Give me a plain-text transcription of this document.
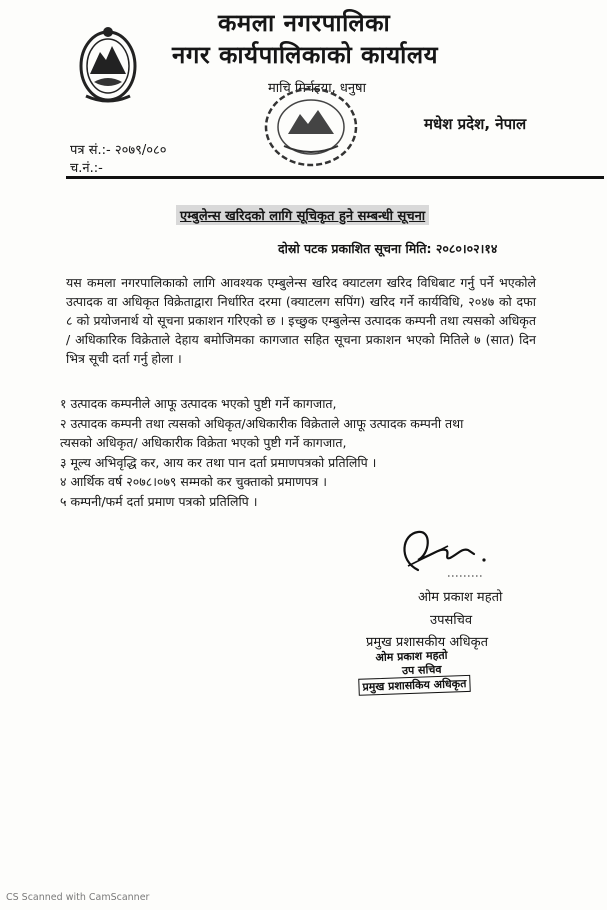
कमला नगरपालिका
नगर कार्यपालिकाको कार्यालय
माचि मिर्चइया, धनुषा
मधेश प्रदेश, नेपाल
पत्र सं.:- २०७९/०८०
च.नं.:-
एम्बुलेन्स खरिदको लागि सूचिकृत हुने सम्बन्धी सूचना
दोस्रो पटक प्रकाशित सूचना मिति: २०८०।०२।१४
यस कमला नगरपालिकाको लागि आवश्यक एम्बुलेन्स खरिद क्याटलग खरिद विधिबाट गर्नु पर्ने भएकोले उत्पादक वा अधिकृत विक्रेताद्वारा निर्धारित दरमा (क्याटलग सपिंग) खरिद गर्ने कार्यविधि, २०४७ को दफा ८ को प्रयोजनार्थ यो सूचना प्रकाशन गरिएको छ । इच्छुक एम्बुलेन्स उत्पादक कम्पनी तथा त्यसको अधिकृत / अधिकारिक विक्रेताले देहाय बमोजिमका कागजात सहित सूचना प्रकाशन भएको मितिले ७ (सात) दिन भित्र सूची दर्ता गर्नु होला ।
१ उत्पादक कम्पनीले आफू उत्पादक भएको पुष्टी गर्ने कागजात,
२ उत्पादक कम्पनी तथा त्यसको अधिकृत/अधिकारीक विक्रेताले आफू उत्पादक कम्पनी तथा
त्यसको अधिकृत/ अधिकारीक विक्रेता भएको पुष्टी गर्ने कागजात,
३ मूल्य अभिवृद्धि कर, आय कर तथा पान दर्ता प्रमाणपत्रको प्रतिलिपि ।
४ आर्थिक वर्ष २०७८।०७९ सम्मको कर चुक्ताको प्रमाणपत्र ।
५ कम्पनी/फर्म दर्ता प्रमाण पत्रको प्रतिलिपि ।
ओम प्रकाश महतो
उपसचिव
प्रमुख प्रशासकीय अधिकृत
ओम प्रकाश महतो
उप सचिव
प्रमुख प्रशासकिय अधिकृत
CS Scanned with CamScanner
